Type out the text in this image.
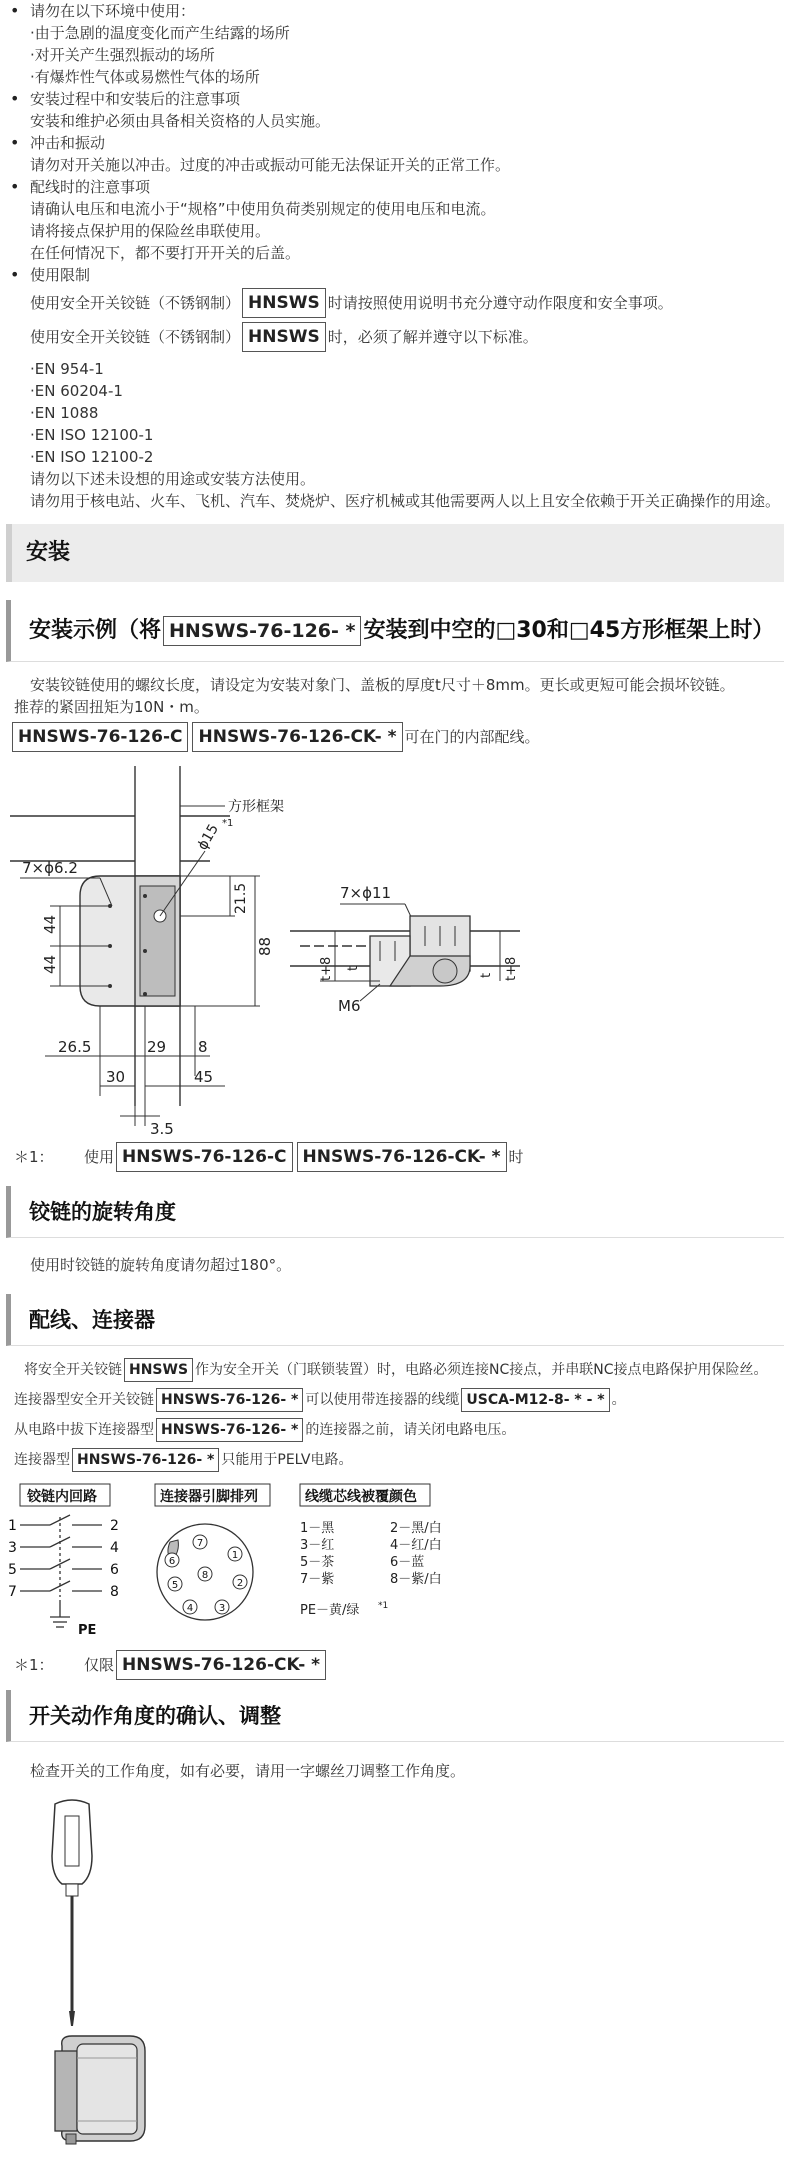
• 请勿在以下环境中使用：
·由于急剧的温度变化而产生结露的场所
·对开关产生强烈振动的场所
·有爆炸性气体或易燃性气体的场所
• 安装过程中和安装后的注意事项
安装和维护必须由具备相关资格的人员实施。
• 冲击和振动
请勿对开关施以冲击。过度的冲击或振动可能无法保证开关的正常工作。
• 配线时的注意事项
请确认电压和电流小于“规格”中使用负荷类别规定的使用电压和电流。
请将接点保护用的保险丝串联使用。
在任何情况下，都不要打开开关的后盖。
• 使用限制
使用安全开关铰链（不锈钢制） HNSWS 时请按照使用说明书充分遵守动作限度和安全事项。
使用安全开关铰链（不锈钢制） HNSWS 时，必须了解并遵守以下标准。
·EN 954-1
·EN 60204-1
·EN 1088
·EN ISO 12100-1
·EN ISO 12100-2
请勿以下述未设想的用途或安装方法使用。
请勿用于核电站、火车、飞机、汽车、焚烧炉、医疗机械或其他需要两人以上且安全依赖于开关正确操作的用途。
安装
安装示例（将 HNSWS-76-126- * 安装到中空的□30和□45方形框架上时）
安装铰链使用的螺纹长度，请设定为安装对象门、盖板的厚度t尺寸＋8mm。更长或更短可能会损坏铰链。
推荐的紧固扭矩为10N・m。
HNSWS-76-126-C HNSWS-76-126-CK- * 可在门的内部配线。
方形框架
7×ϕ6.2
44
44
ϕ15 *1
21.5
88
26.5	29 8
30	45
3.5
7×ϕ11
t+8 t
t t+8
M6
＊1：	使用 HNSWS-76-126-C HNSWS-76-126-CK- * 时
铰链的旋转角度
使用时铰链的旋转角度请勿超过180°。
配线、连接器
将安全开关铰链 HNSWS 作为安全开关（门联锁装置）时，电路必须连接NC接点，并串联NC接点电路保护用保险丝。
连接器型安全开关铰链 HNSWS-76-126- * 可以使用带连接器的线缆 USCA-M12-8- * - * 。
从电路中拔下连接器型 HNSWS-76-126- * 的连接器之前，请关闭电路电压。
连接器型 HNSWS-76-126- * 只能用于PELV电路。
铰链内回路	连接器引脚排列	线缆芯线被覆颜色
1	2
3	4
5	6
7	8
PE
7
1
2
3
4
5
6
8
1－黑	2－黑/白
3－红	4－红/白
5－茶	6－蓝
7－紫	8－紫/白
PE－黄/绿 *1
＊1：	仅限 HNSWS-76-126-CK- *
开关动作角度的确认、调整
检查开关的工作角度，如有必要，请用一字螺丝刀调整工作角度。
